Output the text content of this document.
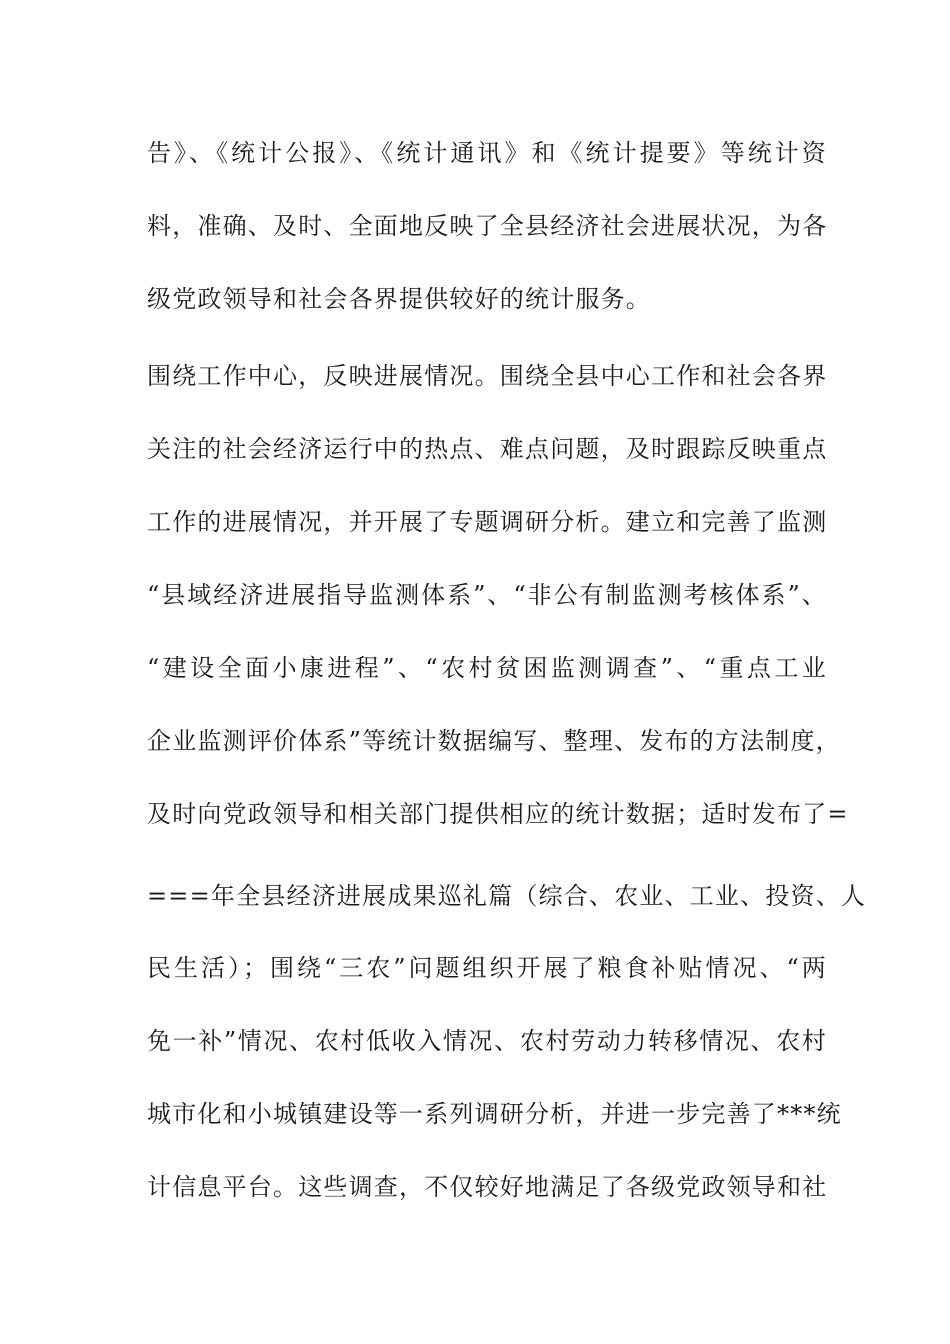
告》、《统计公报》、《统计通讯》和《统计提要》等统计资
料，准确、及时、全面地反映了全县经济社会进展状况，为各
级党政领导和社会各界提供较好的统计服务。
围绕工作中心，反映进展情况。围绕全县中心工作和社会各界
关注的社会经济运行中的热点、难点问题，及时跟踪反映重点
工作的进展情况，并开展了专题调研分析。建立和完善了监测
“县域经济进展指导监测体系”、“非公有制监测考核体系”、
“建设全面小康进程”、“农村贫困监测调查”、“重点工业
企业监测评价体系”等统计数据编写、整理、发布的方法制度，
及时向党政领导和相关部门提供相应的统计数据；适时发布了=
===年全县经济进展成果巡礼篇（综合、农业、工业、投资、人
民生活）；围绕“三农”问题组织开展了粮食补贴情况、“两
免一补”情况、农村低收入情况、农村劳动力转移情况、农村
城市化和小城镇建设等一系列调研分析，并进一步完善了***统
计信息平台。这些调查，不仅较好地满足了各级党政领导和社
